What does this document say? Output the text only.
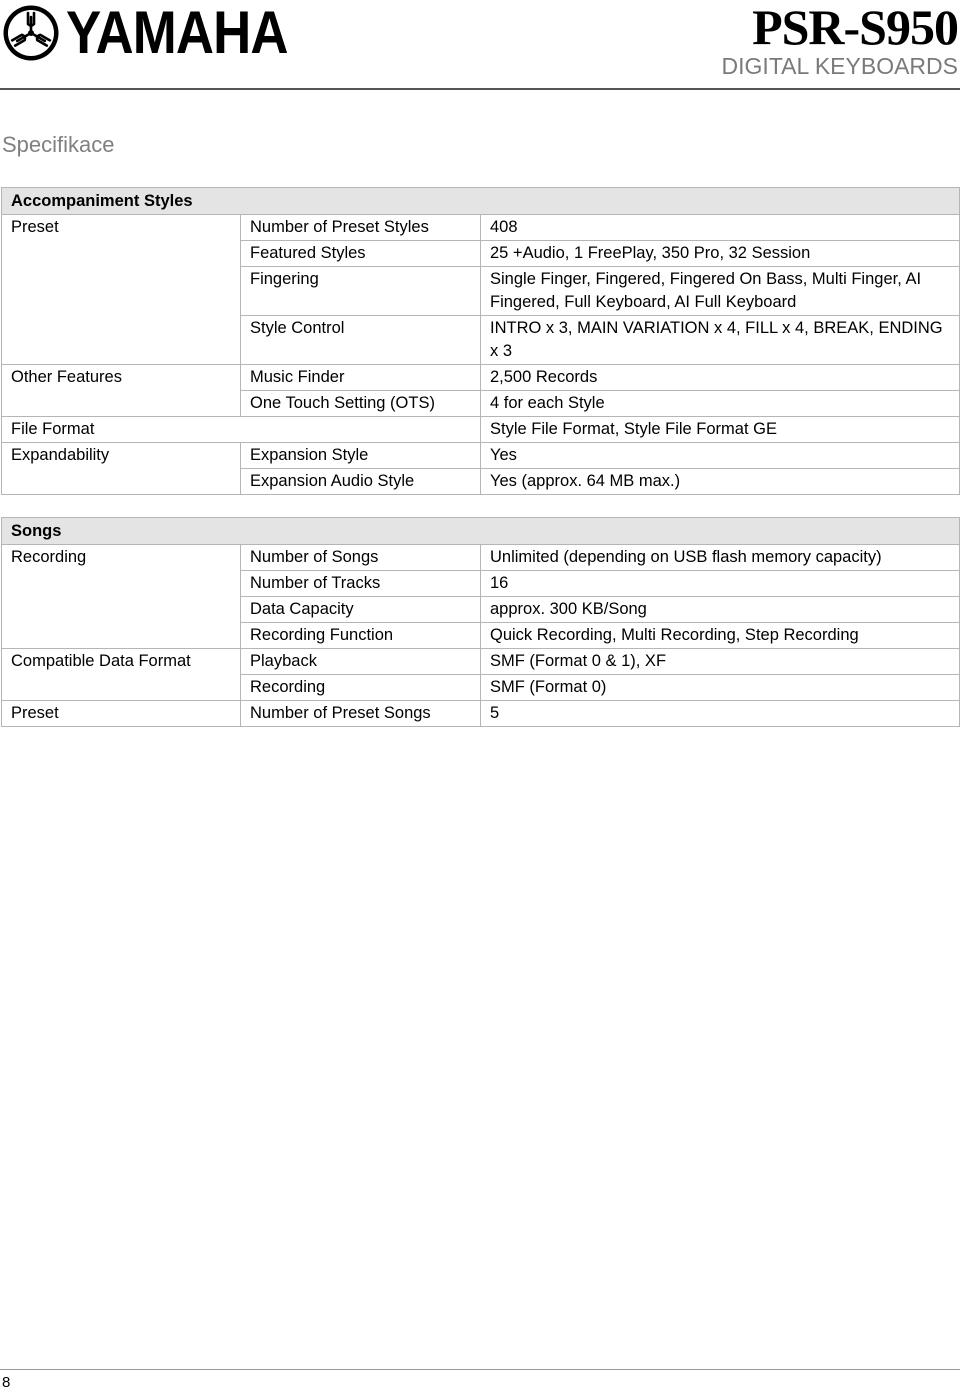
YAMAHA	PSR-S950
DIGITAL KEYBOARDS
Specifikace
Accompaniment Styles		
Preset	Number of Preset Styles	408
	Featured Styles	25 +Audio, 1 FreePlay, 350 Pro, 32 Session
	Fingering	Single Finger, Fingered, Fingered On Bass, Multi Finger, AI Fingered, Full Keyboard, AI Full Keyboard
	Style Control	INTRO x 3, MAIN VARIATION x 4, FILL x 4, BREAK, ENDING x 3
Other Features	Music Finder	2,500 Records
	One Touch Setting (OTS)	4 for each Style
File Format		Style File Format, Style File Format GE
Expandability	Expansion Style	Yes
	Expansion Audio Style	Yes (approx. 64 MB max.)
Songs		
Recording	Number of Songs	Unlimited (depending on USB flash memory capacity)
	Number of Tracks	16
	Data Capacity	approx. 300 KB/Song
	Recording Function	Quick Recording, Multi Recording, Step Recording
Compatible Data Format	Playback	SMF (Format 0 & 1), XF
	Recording	SMF (Format 0)
Preset	Number of Preset Songs	5
8
